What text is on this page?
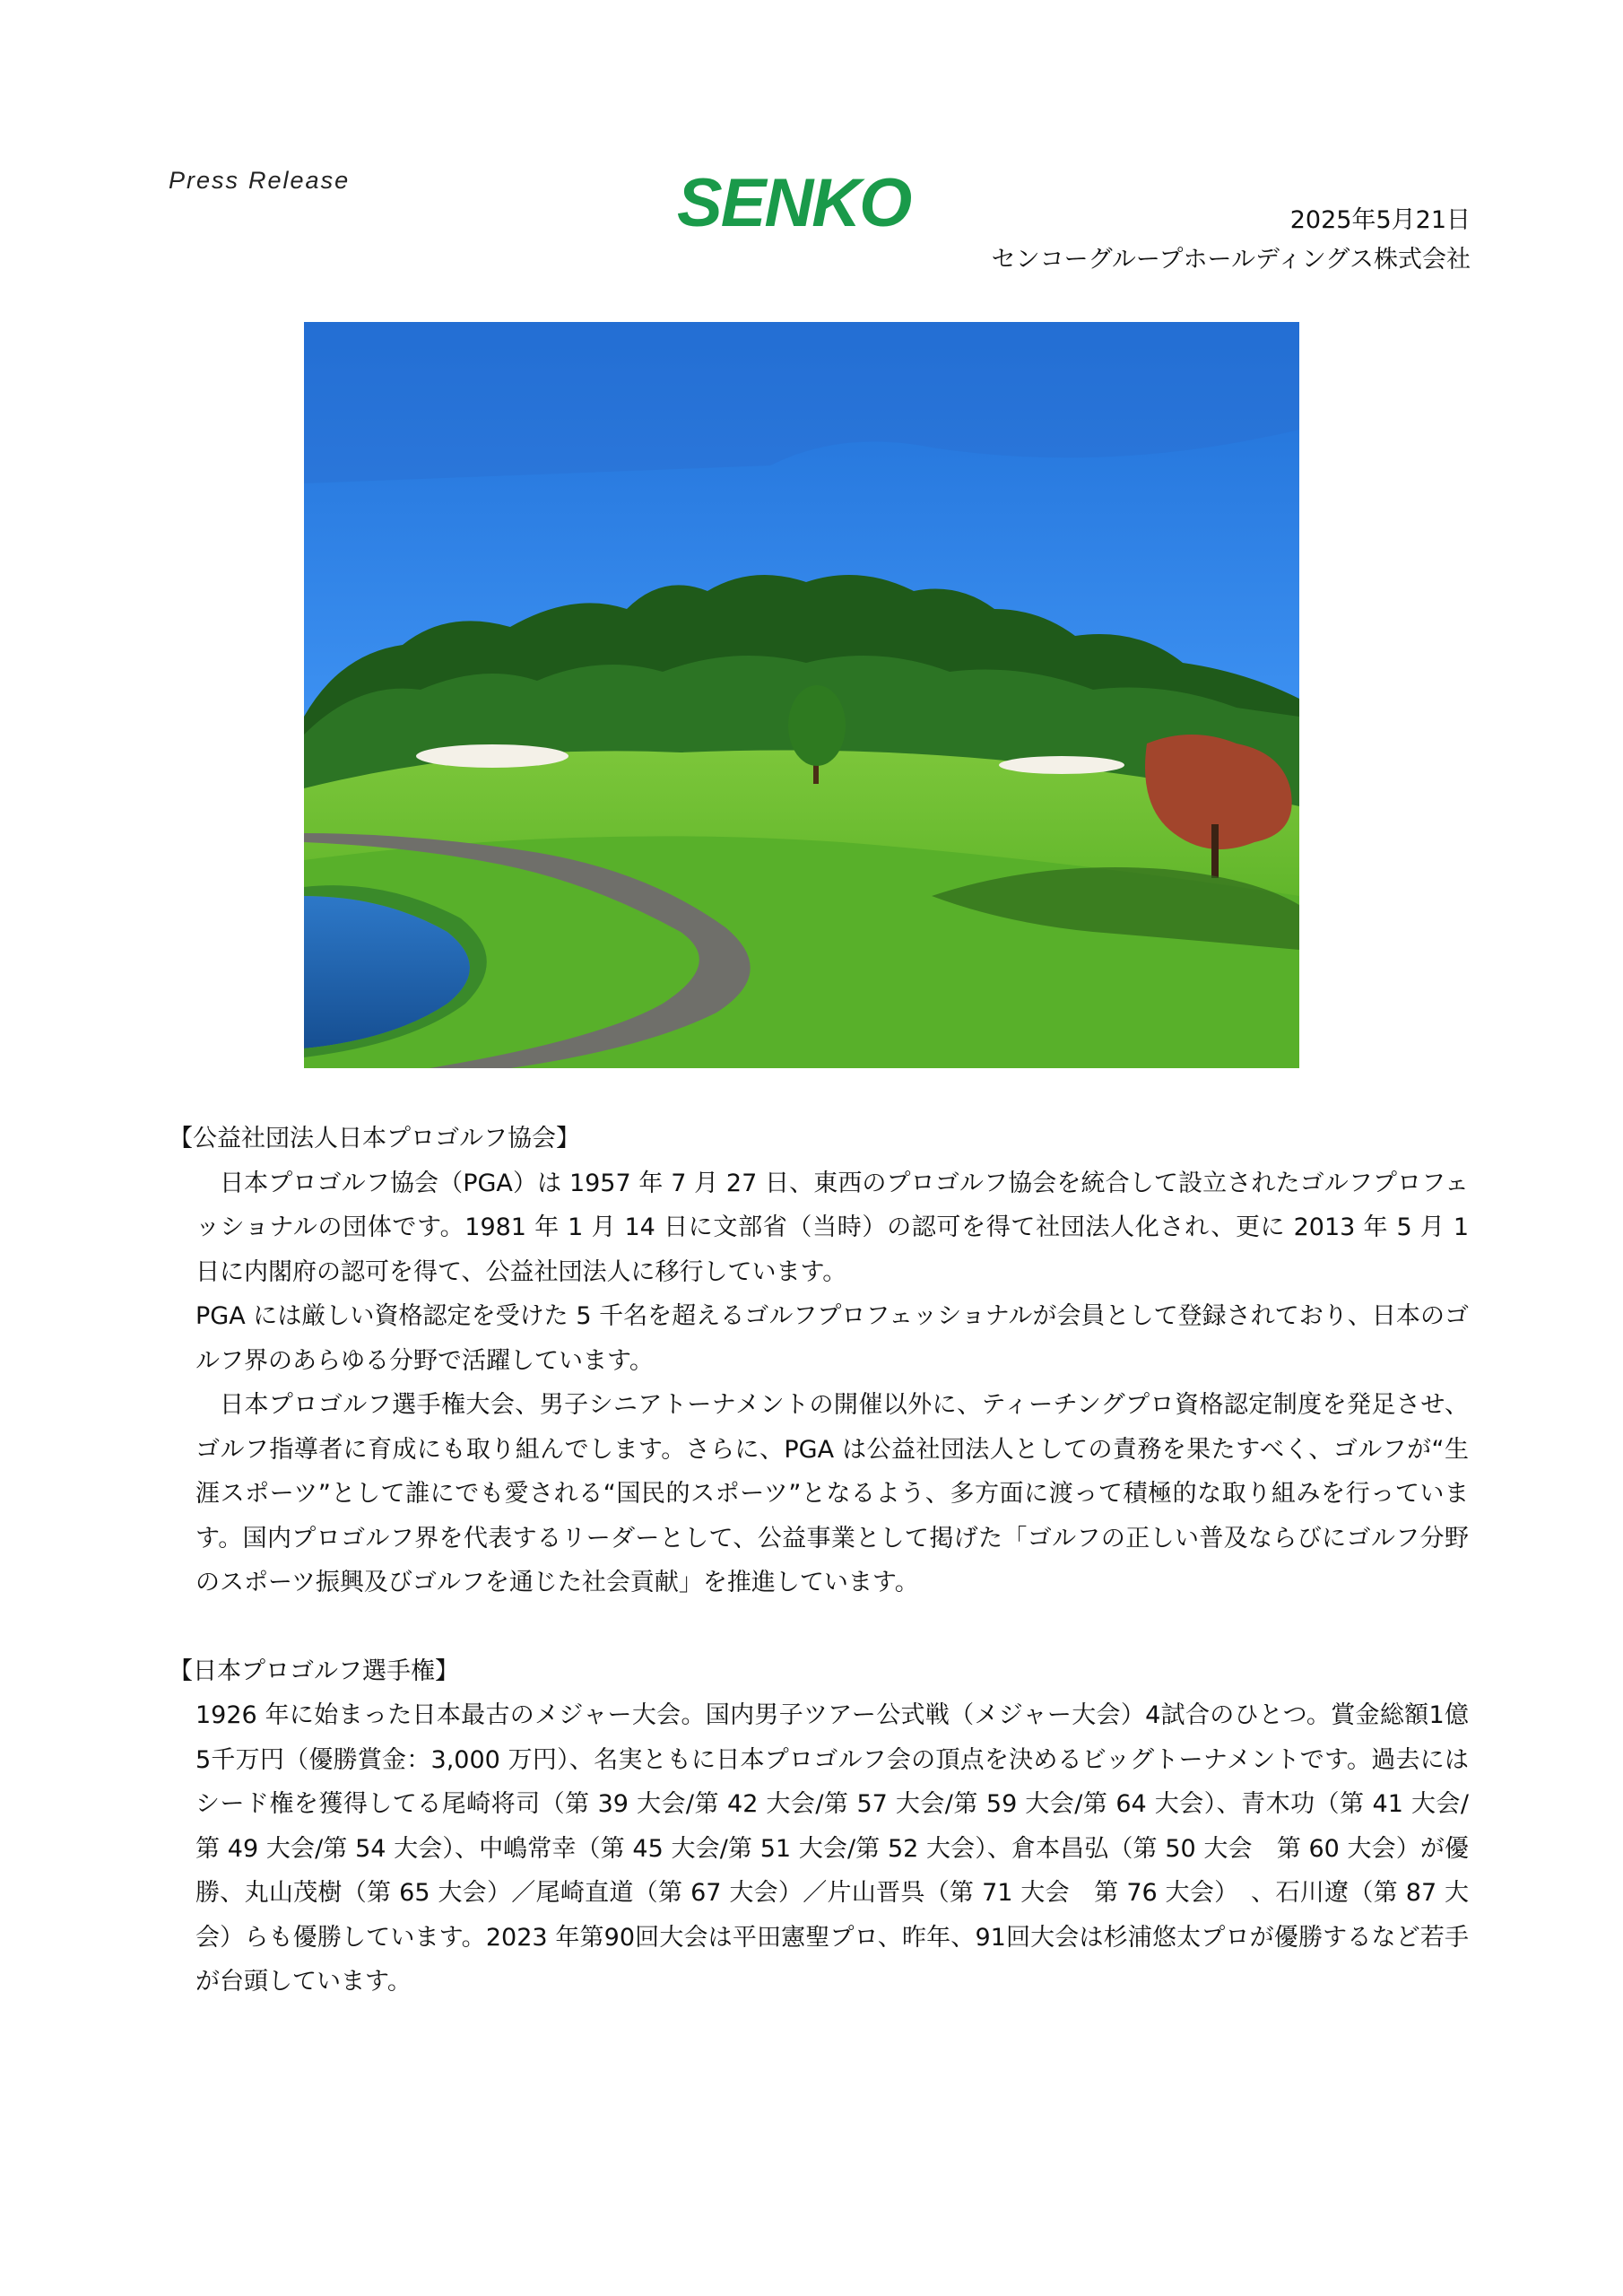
Press Release	SENKO	2025年5月21日
センコーグループホールディングス株式会社
【公益社団法人日本プロゴルフ協会】

日本プロゴルフ協会（PGA）は 1957 年 7 月 27 日、東西のプロゴルフ協会を統合して設立されたゴルフプロフェッショナルの団体です。1981 年 1 月 14 日に文部省（当時）の認可を得て社団法人化され、更に 2013 年 5 月 1 日に内閣府の認可を得て、公益社団法人に移行しています。

PGA には厳しい資格認定を受けた 5 千名を超えるゴルフプロフェッショナルが会員として登録されており、日本のゴルフ界のあらゆる分野で活躍しています。

日本プロゴルフ選手権大会、男子シニアトーナメントの開催以外に、ティーチングプロ資格認定制度を発足させ、ゴルフ指導者に育成にも取り組んでします。さらに、PGA は公益社団法人としての責務を果たすべく、ゴルフが“生涯スポーツ”として誰にでも愛される“国民的スポーツ”となるよう、多方面に渡って積極的な取り組みを行っています。国内プロゴルフ界を代表するリーダーとして、公益事業として掲げた「ゴルフの正しい普及ならびにゴルフ分野のスポーツ振興及びゴルフを通じた社会貢献」を推進しています。

【日本プロゴルフ選手権】

1926 年に始まった日本最古のメジャー大会。国内男子ツアー公式戦（メジャー大会）4試合のひとつ。賞金総額1億5千万円（優勝賞金：3,000 万円）、名実ともに日本プロゴルフ会の頂点を決めるビッグトーナメントです。過去にはシード権を獲得してる尾崎将司（第 39 大会/第 42 大会/第 57 大会/第 59 大会/第 64 大会）、青木功（第 41 大会/第 49 大会/第 54 大会）、中嶋常幸（第 45 大会/第 51 大会/第 52 大会）、倉本昌弘（第 50 大会　第 60 大会）が優勝、丸山茂樹（第 65 大会）／尾崎直道（第 67 大会）／片山晋呉（第 71 大会　第 76 大会）　、石川遼（第 87 大会）らも優勝しています。2023 年第90回大会は平田憲聖プロ、昨年、91回大会は杉浦悠太プロが優勝するなど若手が台頭しています。
